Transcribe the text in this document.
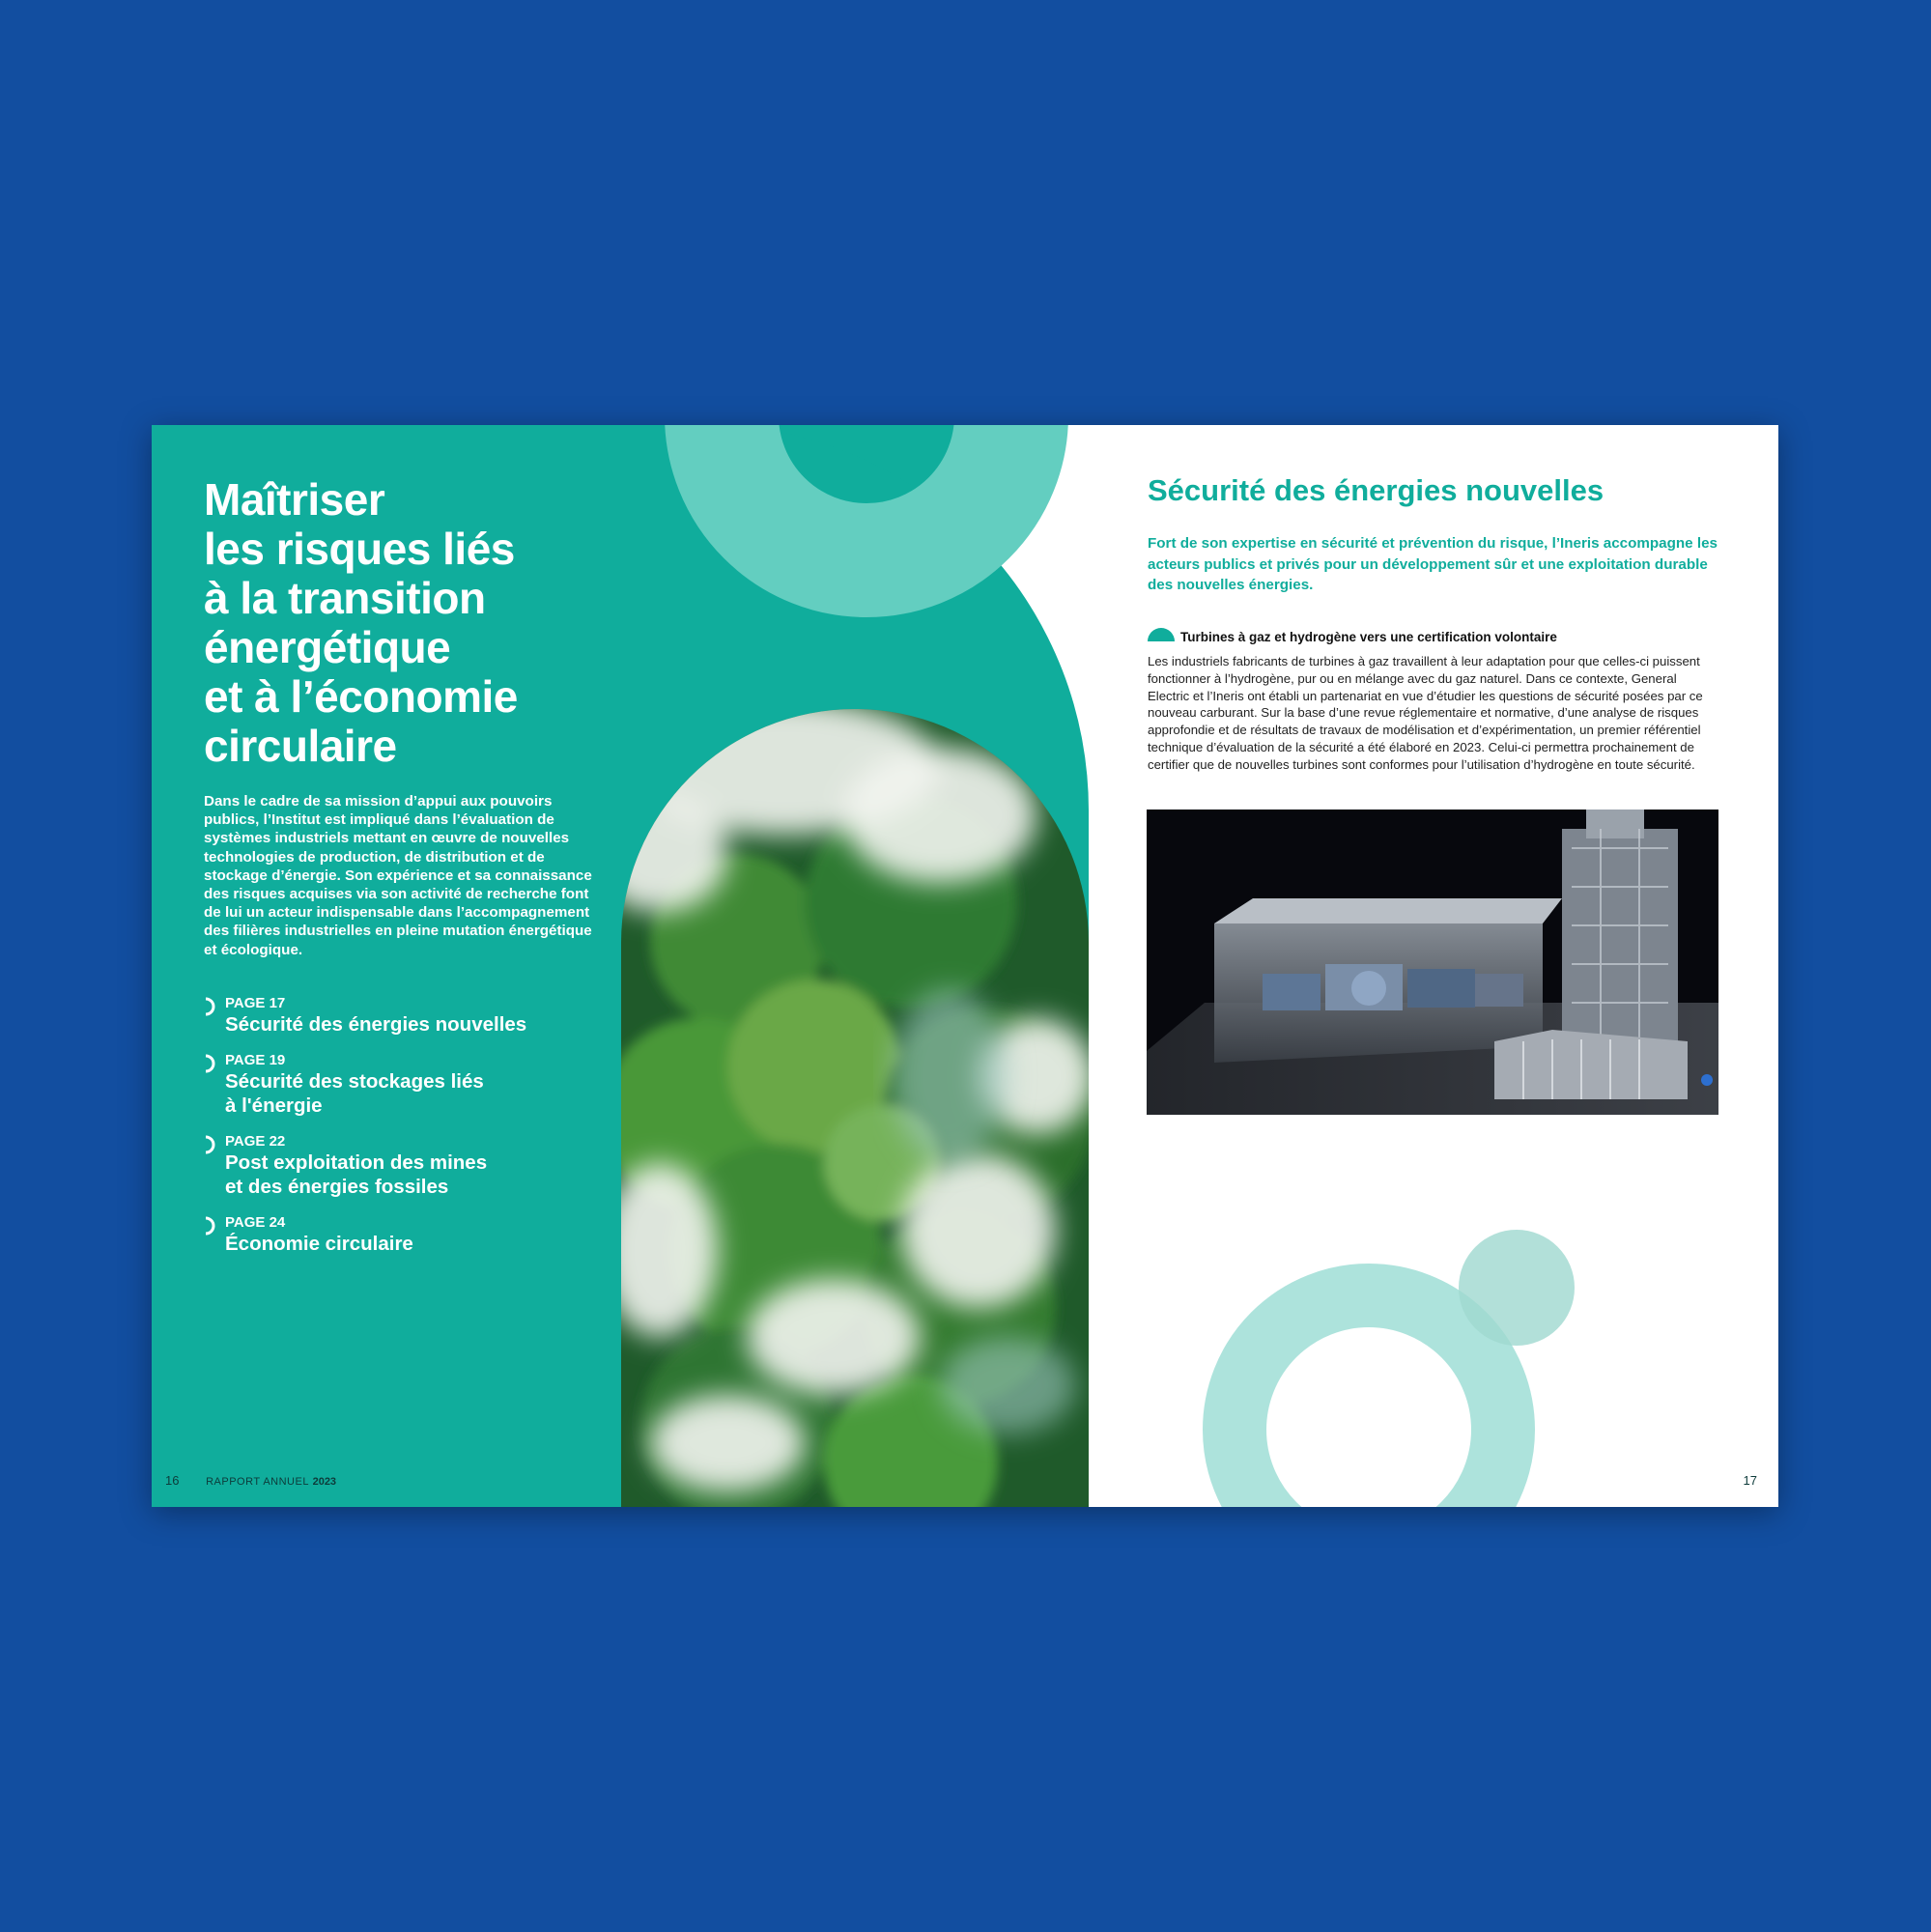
Maîtriser
les risques liés
à la transition
énergétique
et à l’économie
circulaire

Dans le cadre de sa mission d’appui aux pouvoirs publics, l’Institut est impliqué dans l’évaluation de systèmes industriels mettant en œuvre de nouvelles technologies de production, de distribution et de stockage d’énergie. Son expérience et sa connaissance des risques acquises via son activité de recherche font de lui un acteur indispensable dans l’accompagnement des filières industrielles en pleine mutation énergétique et écologique.

PAGE 17
Sécurité des énergies nouvelles
PAGE 19
Sécurité des stockages liés
à l'énergie
PAGE 22
Post exploitation des mines
et des énergies fossiles
PAGE 24
Économie circulaire
16	RAPPORT ANNUEL 2023
Sécurité des énergies nouvelles

Fort de son expertise en sécurité et prévention du risque, l’Ineris accompagne les acteurs publics et privés pour un développement sûr et une exploitation durable des nouvelles énergies.

Turbines à gaz et hydrogène vers une certification volontaire

Les industriels fabricants de turbines à gaz travaillent à leur adaptation pour que celles-ci puissent fonctionner à l’hydrogène, pur ou en mélange avec du gaz naturel. Dans ce contexte, General Electric et l’Ineris ont établi un partenariat en vue d’étudier les questions de sécurité posées par ce nouveau carburant. Sur la base d’une revue réglementaire et normative, d’une analyse de risques approfondie et de résultats de travaux de modélisation et d’expérimentation, un premier référentiel technique d’évaluation de la sécurité a été élaboré en 2023. Celui-ci permettra prochainement de certifier que de nouvelles turbines sont conformes pour l’utilisation d’hydrogène en toute sécurité.

17
